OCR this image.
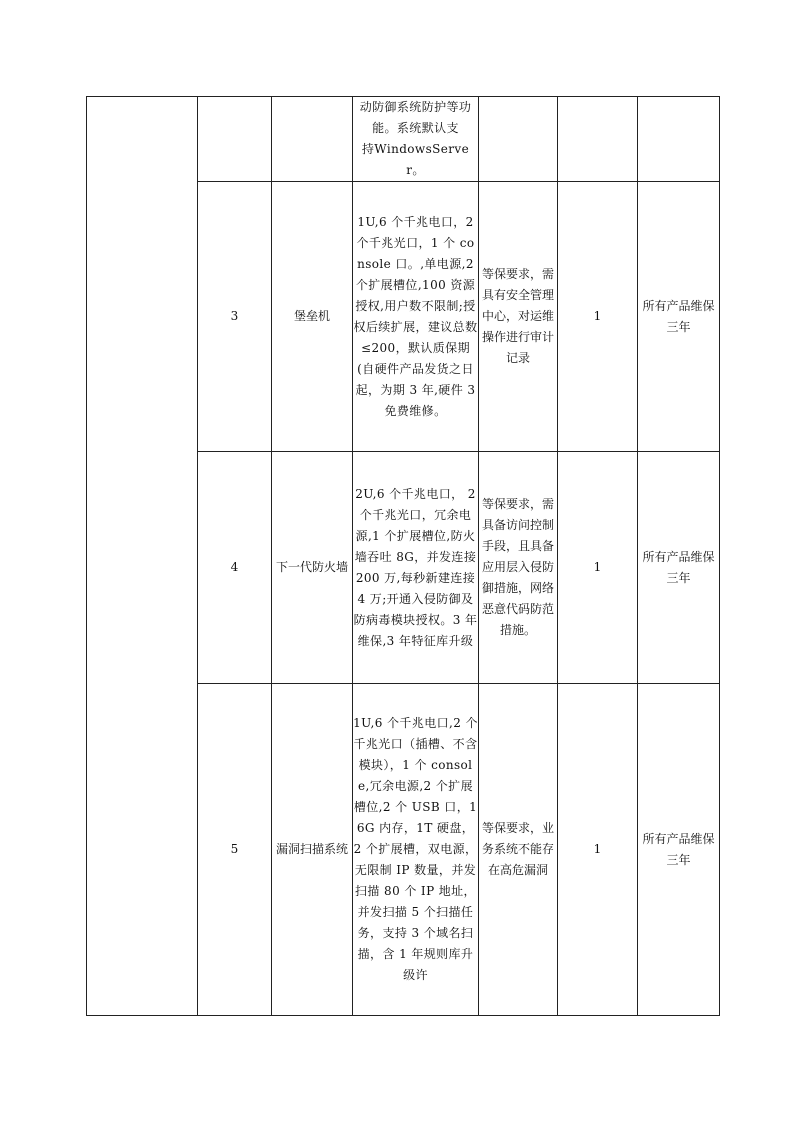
			动防御系统防护等功能。系统默认支　　　　持WindowsServer。			

	3	堡垒机	1U,6 个千兆电口，2 个千兆光口，1 个 console 口。,单电源,2 个扩展槽位,100 资源授权,用户数不限制;授权后续扩展，建议总数≤200，默认质保期(自硬件产品发货之日起，为期 3 年,硬件 3 免费维修。	等保要求，需具有安全管理中心，对运维操作进行审计记录	1	所有产品维保三年

	4	下一代防火墙	2U,6 个千兆电口， 2 个千兆光口，冗余电源,1 个扩展槽位,防火墙吞吐 8G，并发连接 200 万,每秒新建连接 4 万;开通入侵防御及防病毒模块授权。3 年维保,3 年特征库升级	等保要求，需具备访问控制手段，且具备应用层入侵防御措施，网络恶意代码防范措施。	1	所有产品维保三年

	5	漏洞扫描系统	1U,6 个千兆电口,2 个千兆光口（插槽、不含模块），1 个 console,冗余电源,2 个扩展槽位,2 个 USB 口，16G 内存，1T 硬盘，2 个扩展槽，双电源，无限制 IP 数量，并发扫描 80 个 IP 地址，并发扫描 5 个扫描任务，支持 3 个域名扫描，含 1 年规则库升级许	等保要求，业务系统不能存在高危漏洞	1	所有产品维保三年
